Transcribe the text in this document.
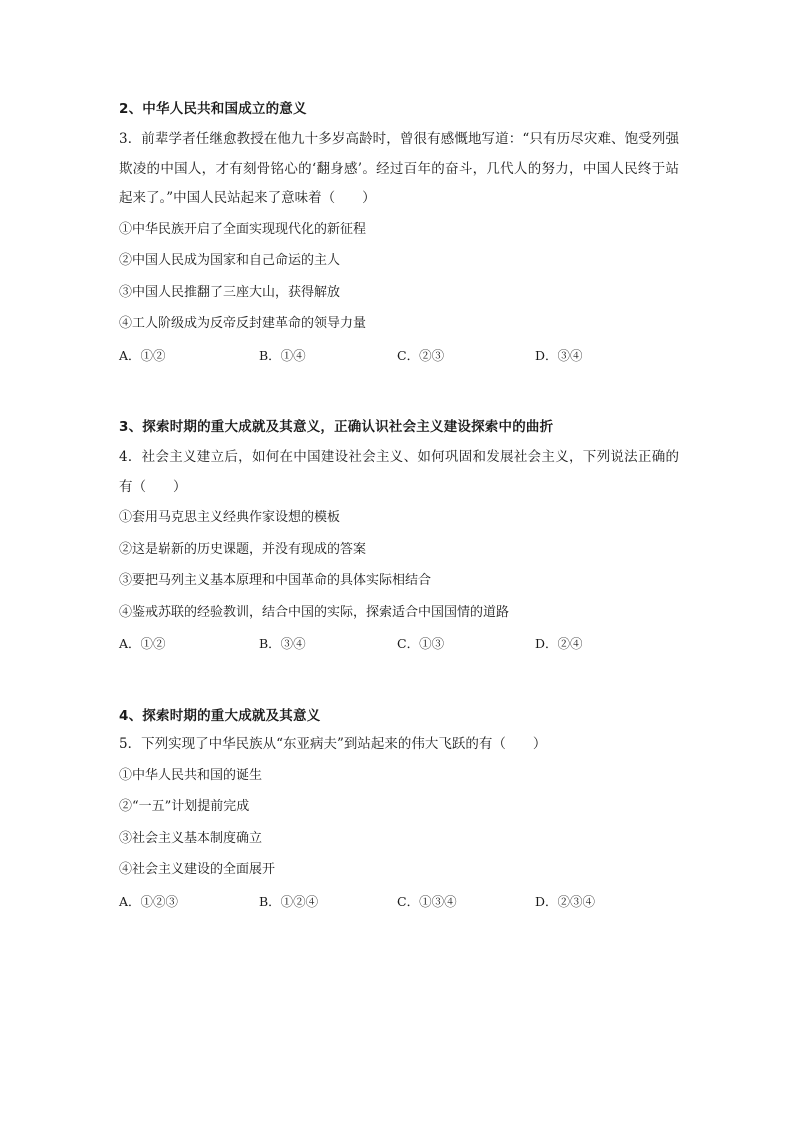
2、中华人民共和国成立的意义

3．前辈学者任继愈教授在他九十多岁高龄时，曾很有感慨地写道：“只有历尽灾难、饱受列强欺凌的中国人，才有刻骨铭心的‘翻身感’。经过百年的奋斗，几代人的努力，中国人民终于站起来了。”中国人民站起来了意味着（　　）

①中华民族开启了全面实现现代化的新征程
②中国人民成为国家和自己命运的主人
③中国人民推翻了三座大山，获得解放
④工人阶级成为反帝反封建革命的领导力量
A．①②	B．①④	C．②③	D．③④
3、探索时期的重大成就及其意义，正确认识社会主义建设探索中的曲折

4．社会主义建立后，如何在中国建设社会主义、如何巩固和发展社会主义，下列说法正确的有（　　）

①套用马克思主义经典作家设想的模板
②这是崭新的历史课题，并没有现成的答案
③要把马列主义基本原理和中国革命的具体实际相结合
④鉴戒苏联的经验教训，结合中国的实际，探索适合中国国情的道路
A．①②	B．③④	C．①③	D．②④
4、探索时期的重大成就及其意义

5．下列实现了中华民族从“东亚病夫”到站起来的伟大飞跃的有（　　）

①中华人民共和国的诞生
②“一五”计划提前完成
③社会主义基本制度确立
④社会主义建设的全面展开
A．①②③	B．①②④	C．①③④	D．②③④
